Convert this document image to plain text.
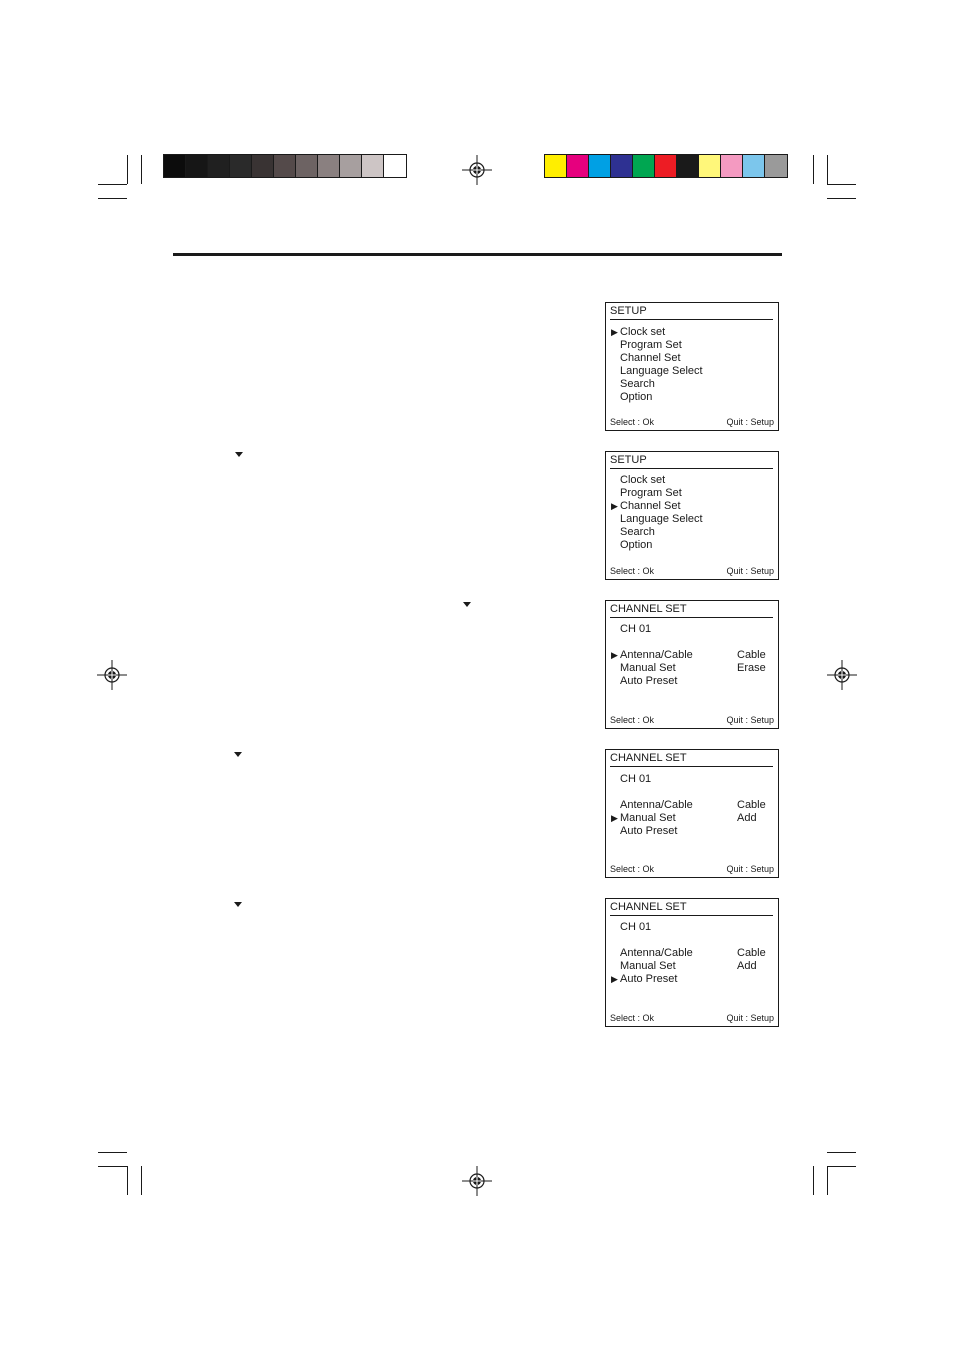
SETUP
▶ Clock set
Program Set
Channel Set
Language Select
Search
Option
Select : Ok	Quit : Setup
SETUP
Clock set
Program Set
▶ Channel Set
Language Select
Search
Option
Select : Ok	Quit : Setup
CHANNEL SET
CH 01
▶ Antenna/Cable	Cable
Manual Set	Erase
Auto Preset
Select : Ok	Quit : Setup
CHANNEL SET
CH 01
Antenna/Cable	Cable
▶ Manual Set	Add
Auto Preset
Select : Ok	Quit : Setup
CHANNEL SET
CH 01
Antenna/Cable	Cable
Manual Set	Add
▶ Auto Preset
Select : Ok	Quit : Setup
